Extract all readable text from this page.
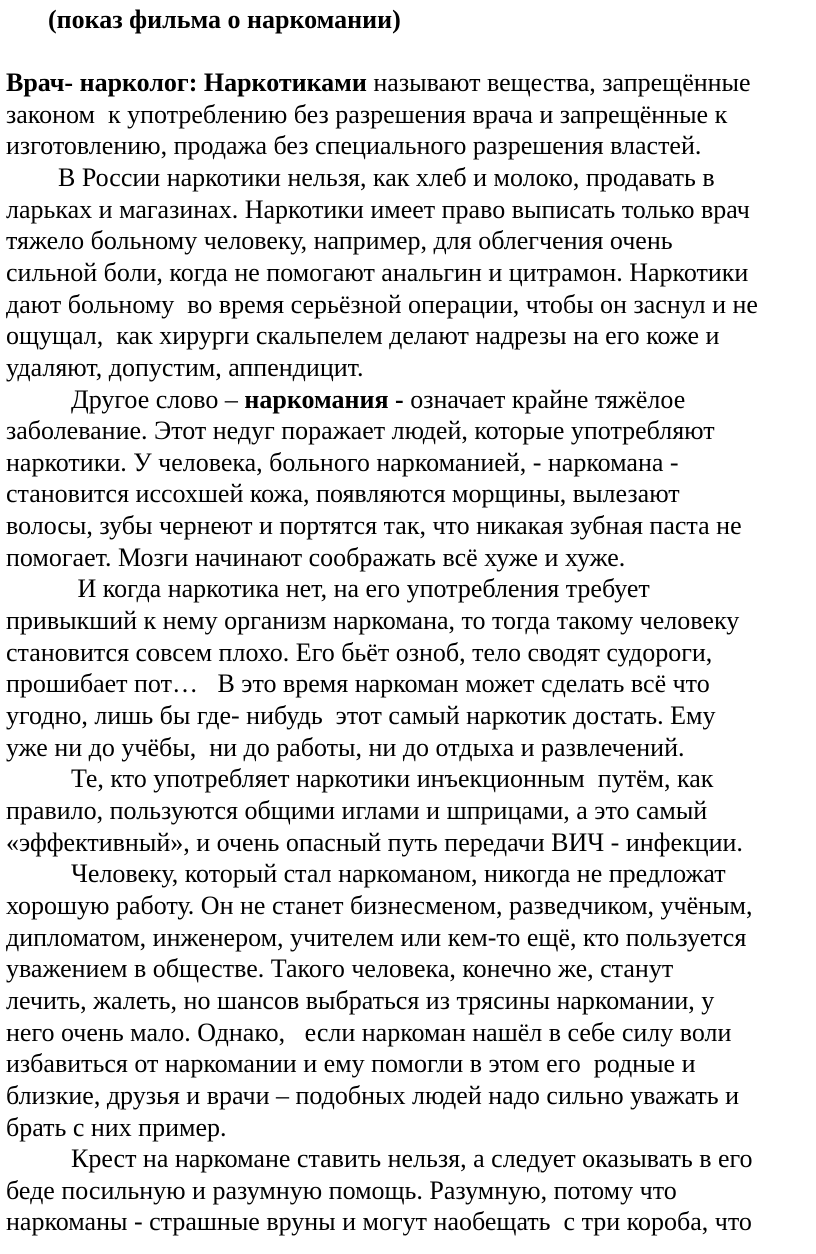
(показ фильма о наркомании)
Врач- нарколог: Наркотиками называют вещества, запрещённые
законом  к употреблению без разрешения врача и запрещённые к
изготовлению, продажа без специального разрешения властей.
В России наркотики нельзя, как хлеб и молоко, продавать в
ларьках и магазинах. Наркотики имеет право выписать только врач
тяжело больному человеку, например, для облегчения очень
сильной боли, когда не помогают анальгин и цитрамон. Наркотики
дают больному  во время серьёзной операции, чтобы он заснул и не
ощущал,  как хирурги скальпелем делают надрезы на его коже и
удаляют, допустим, аппендицит.
Другое слово – наркомания - означает крайне тяжёлое
заболевание. Этот недуг поражает людей, которые употребляют
наркотики. У человека, больного наркоманией, - наркомана -
становится иссохшей кожа, появляются морщины, вылезают
волосы, зубы чернеют и портятся так, что никакая зубная паста не
помогает. Мозги начинают соображать всё хуже и хуже.
И когда наркотика нет, на его употребления требует
привыкший к нему организм наркомана, то тогда такому человеку
становится совсем плохо. Его бьёт озноб, тело сводят судороги,
прошибает пот…   В это время наркоман может сделать всё что
угодно, лишь бы где- нибудь  этот самый наркотик достать. Ему
уже ни до учёбы,  ни до работы, ни до отдыха и развлечений.
Те, кто употребляет наркотики инъекционным  путём, как
правило, пользуются общими иглами и шприцами, а это самый
«эффективный», и очень опасный путь передачи ВИЧ - инфекции.
Человеку, который стал наркоманом, никогда не предложат
хорошую работу. Он не станет бизнесменом, разведчиком, учёным,
дипломатом, инженером, учителем или кем-то ещё, кто пользуется
уважением в обществе. Такого человека, конечно же, станут
лечить, жалеть, но шансов выбраться из трясины наркомании, у
него очень мало. Однако,   если наркоман нашёл в себе силу воли
избавиться от наркомании и ему помогли в этом его  родные и
близкие, друзья и врачи – подобных людей надо сильно уважать и
брать с них пример.
Крест на наркомане ставить нельзя, а следует оказывать в его
беде посильную и разумную помощь. Разумную, потому что
наркоманы - страшные вруны и могут наобещать  с три короба, что
